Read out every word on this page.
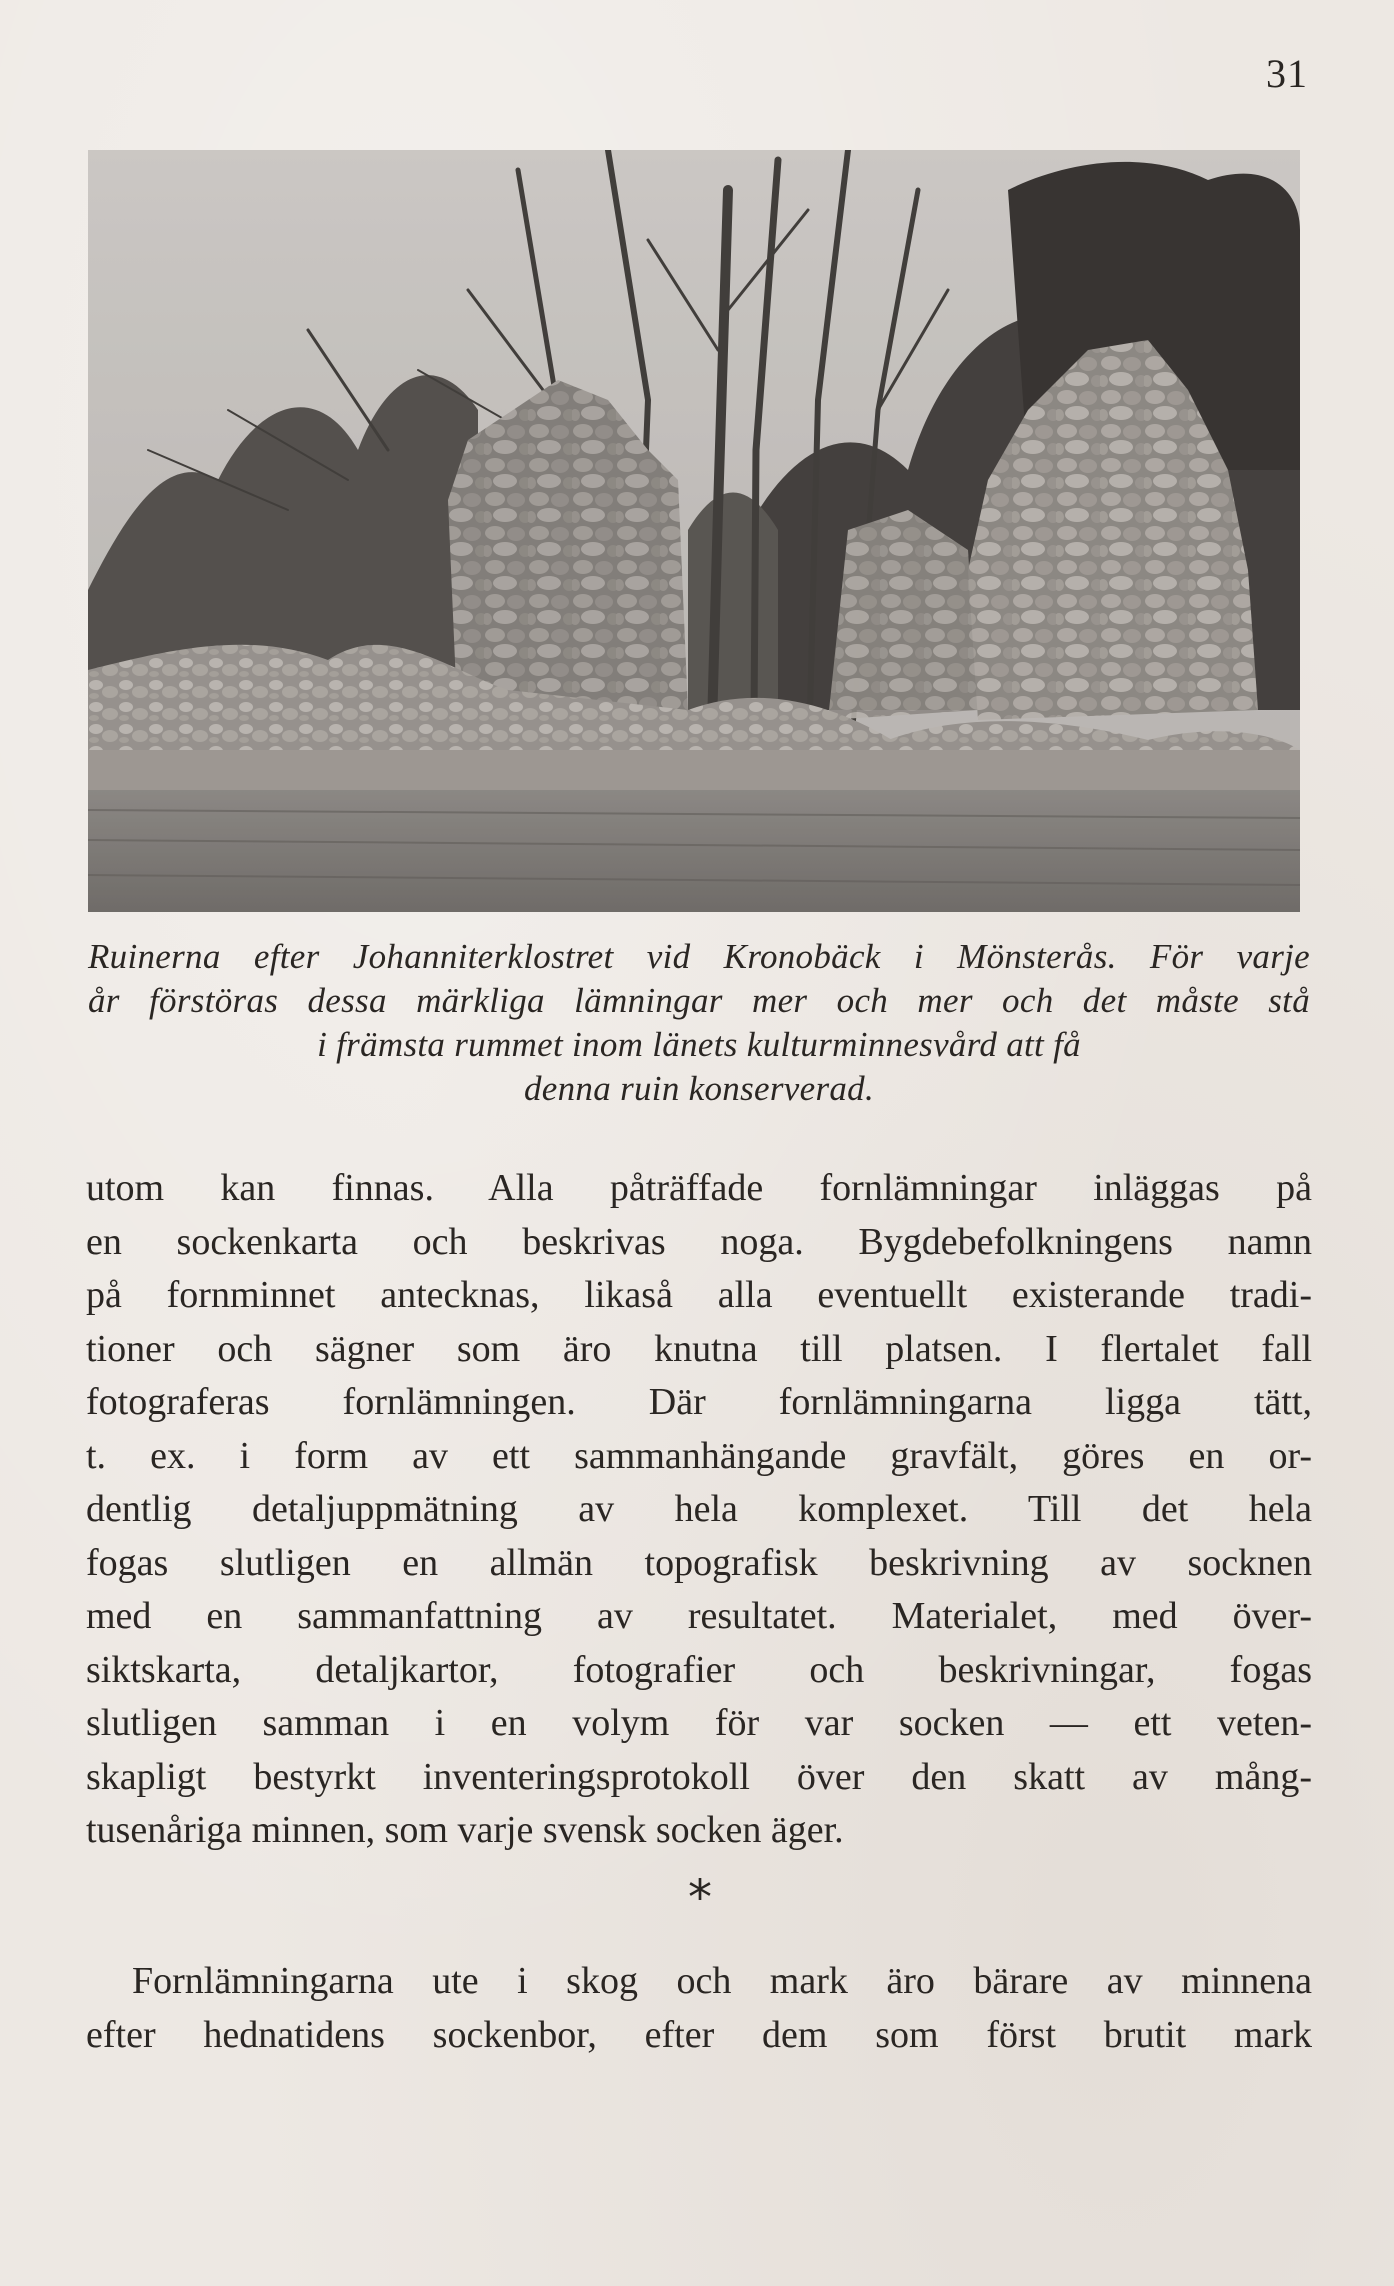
31
Ruinerna efter Johanniterklostret vid Kronobäck i Mönsterås. För varje
år förstöras dessa märkliga lämningar mer och mer och det måste stå
i främsta rummet inom länets kulturminnesvård att få
denna ruin konserverad.
utom kan finnas. Alla påträffade fornlämningar inläggas på
en sockenkarta och beskrivas noga. Bygdebefolkningens namn
på fornminnet antecknas, likaså alla eventuellt existerande tradi-
tioner och sägner som äro knutna till platsen. I flertalet fall
fotograferas fornlämningen. Där fornlämningarna ligga tätt,
t. ex. i form av ett sammanhängande gravfält, göres en or-
dentlig detaljuppmätning av hela komplexet. Till det hela
fogas slutligen en allmän topografisk beskrivning av socknen
med en sammanfattning av resultatet. Materialet, med över-
siktskarta, detaljkartor, fotografier och beskrivningar, fogas
slutligen samman i en volym för var socken — ett veten-
skapligt bestyrkt inventeringsprotokoll över den skatt av mång-
tusenåriga minnen, som varje svensk socken äger.
*
Fornlämningarna ute i skog och mark äro bärare av minnena
efter hednatidens sockenbor, efter dem som först brutit mark
